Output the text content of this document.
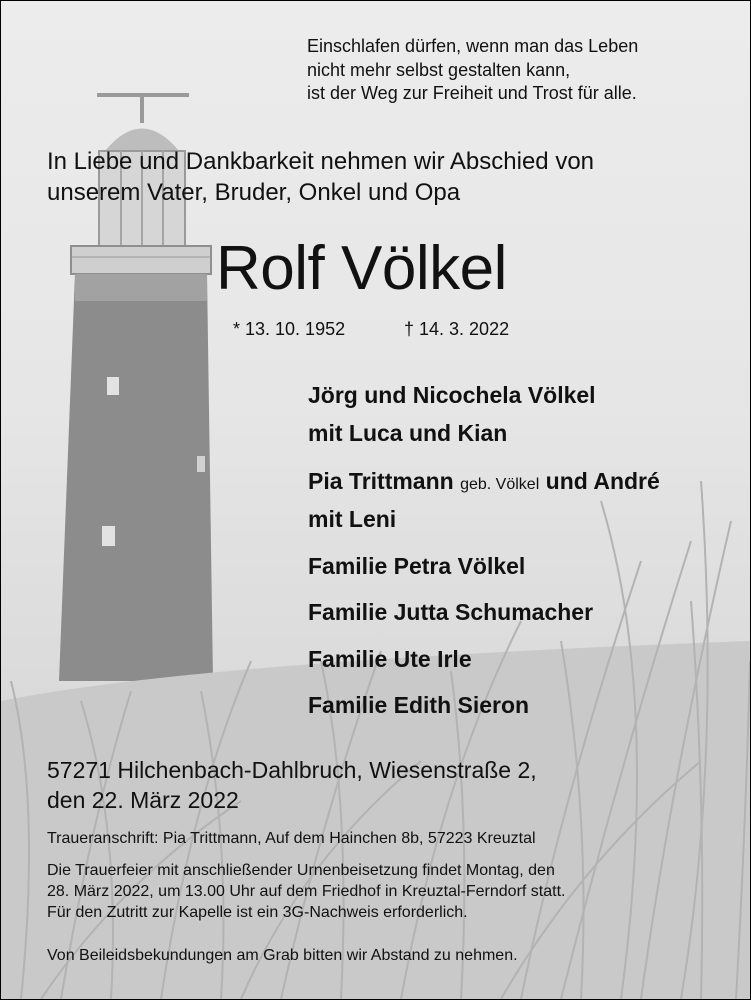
Einschlafen dürfen, wenn man das Leben
nicht mehr selbst gestalten kann,
ist der Weg zur Freiheit und Trost für alle.
In Liebe und Dankbarkeit nehmen wir Abschied von
unserem Vater, Bruder, Onkel und Opa
Rolf Völkel
* 13. 10. 1952	† 14. 3. 2022
Jörg und Nicochela Völkel
mit Luca und Kian
Pia Trittmann geb. Völkel und André
mit Leni
Familie Petra Völkel
Familie Jutta Schumacher
Familie Ute Irle
Familie Edith Sieron
57271 Hilchenbach-Dahlbruch, Wiesenstraße 2,
den 22. März 2022
Traueranschrift: Pia Trittmann, Auf dem Hainchen 8b, 57223 Kreuztal
Die Trauerfeier mit anschließender Urnenbeisetzung findet Montag, den
28. März 2022, um 13.00 Uhr auf dem Friedhof in Kreuztal-Ferndorf statt.
Für den Zutritt zur Kapelle ist ein 3G-Nachweis erforderlich.
Von Beileidsbekundungen am Grab bitten wir Abstand zu nehmen.
